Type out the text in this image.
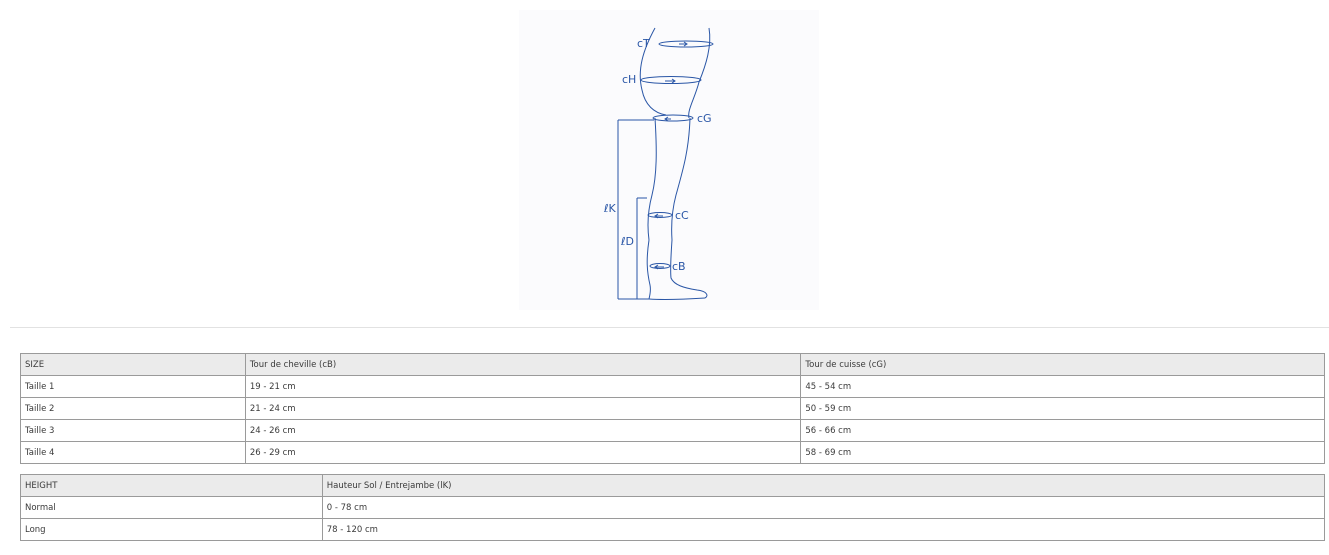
cT
cH
cG
ℓK
cC
ℓD
cB
SIZE	Tour de cheville (cB)	Tour de cuisse (cG)
Taille 1	19 - 21 cm	45 - 54 cm
Taille 2	21 - 24 cm	50 - 59 cm
Taille 3	24 - 26 cm	56 - 66 cm
Taille 4	26 - 29 cm	58 - 69 cm
HEIGHT	Hauteur Sol / Entrejambe (lK)
Normal	0 - 78 cm
Long	78 - 120 cm
